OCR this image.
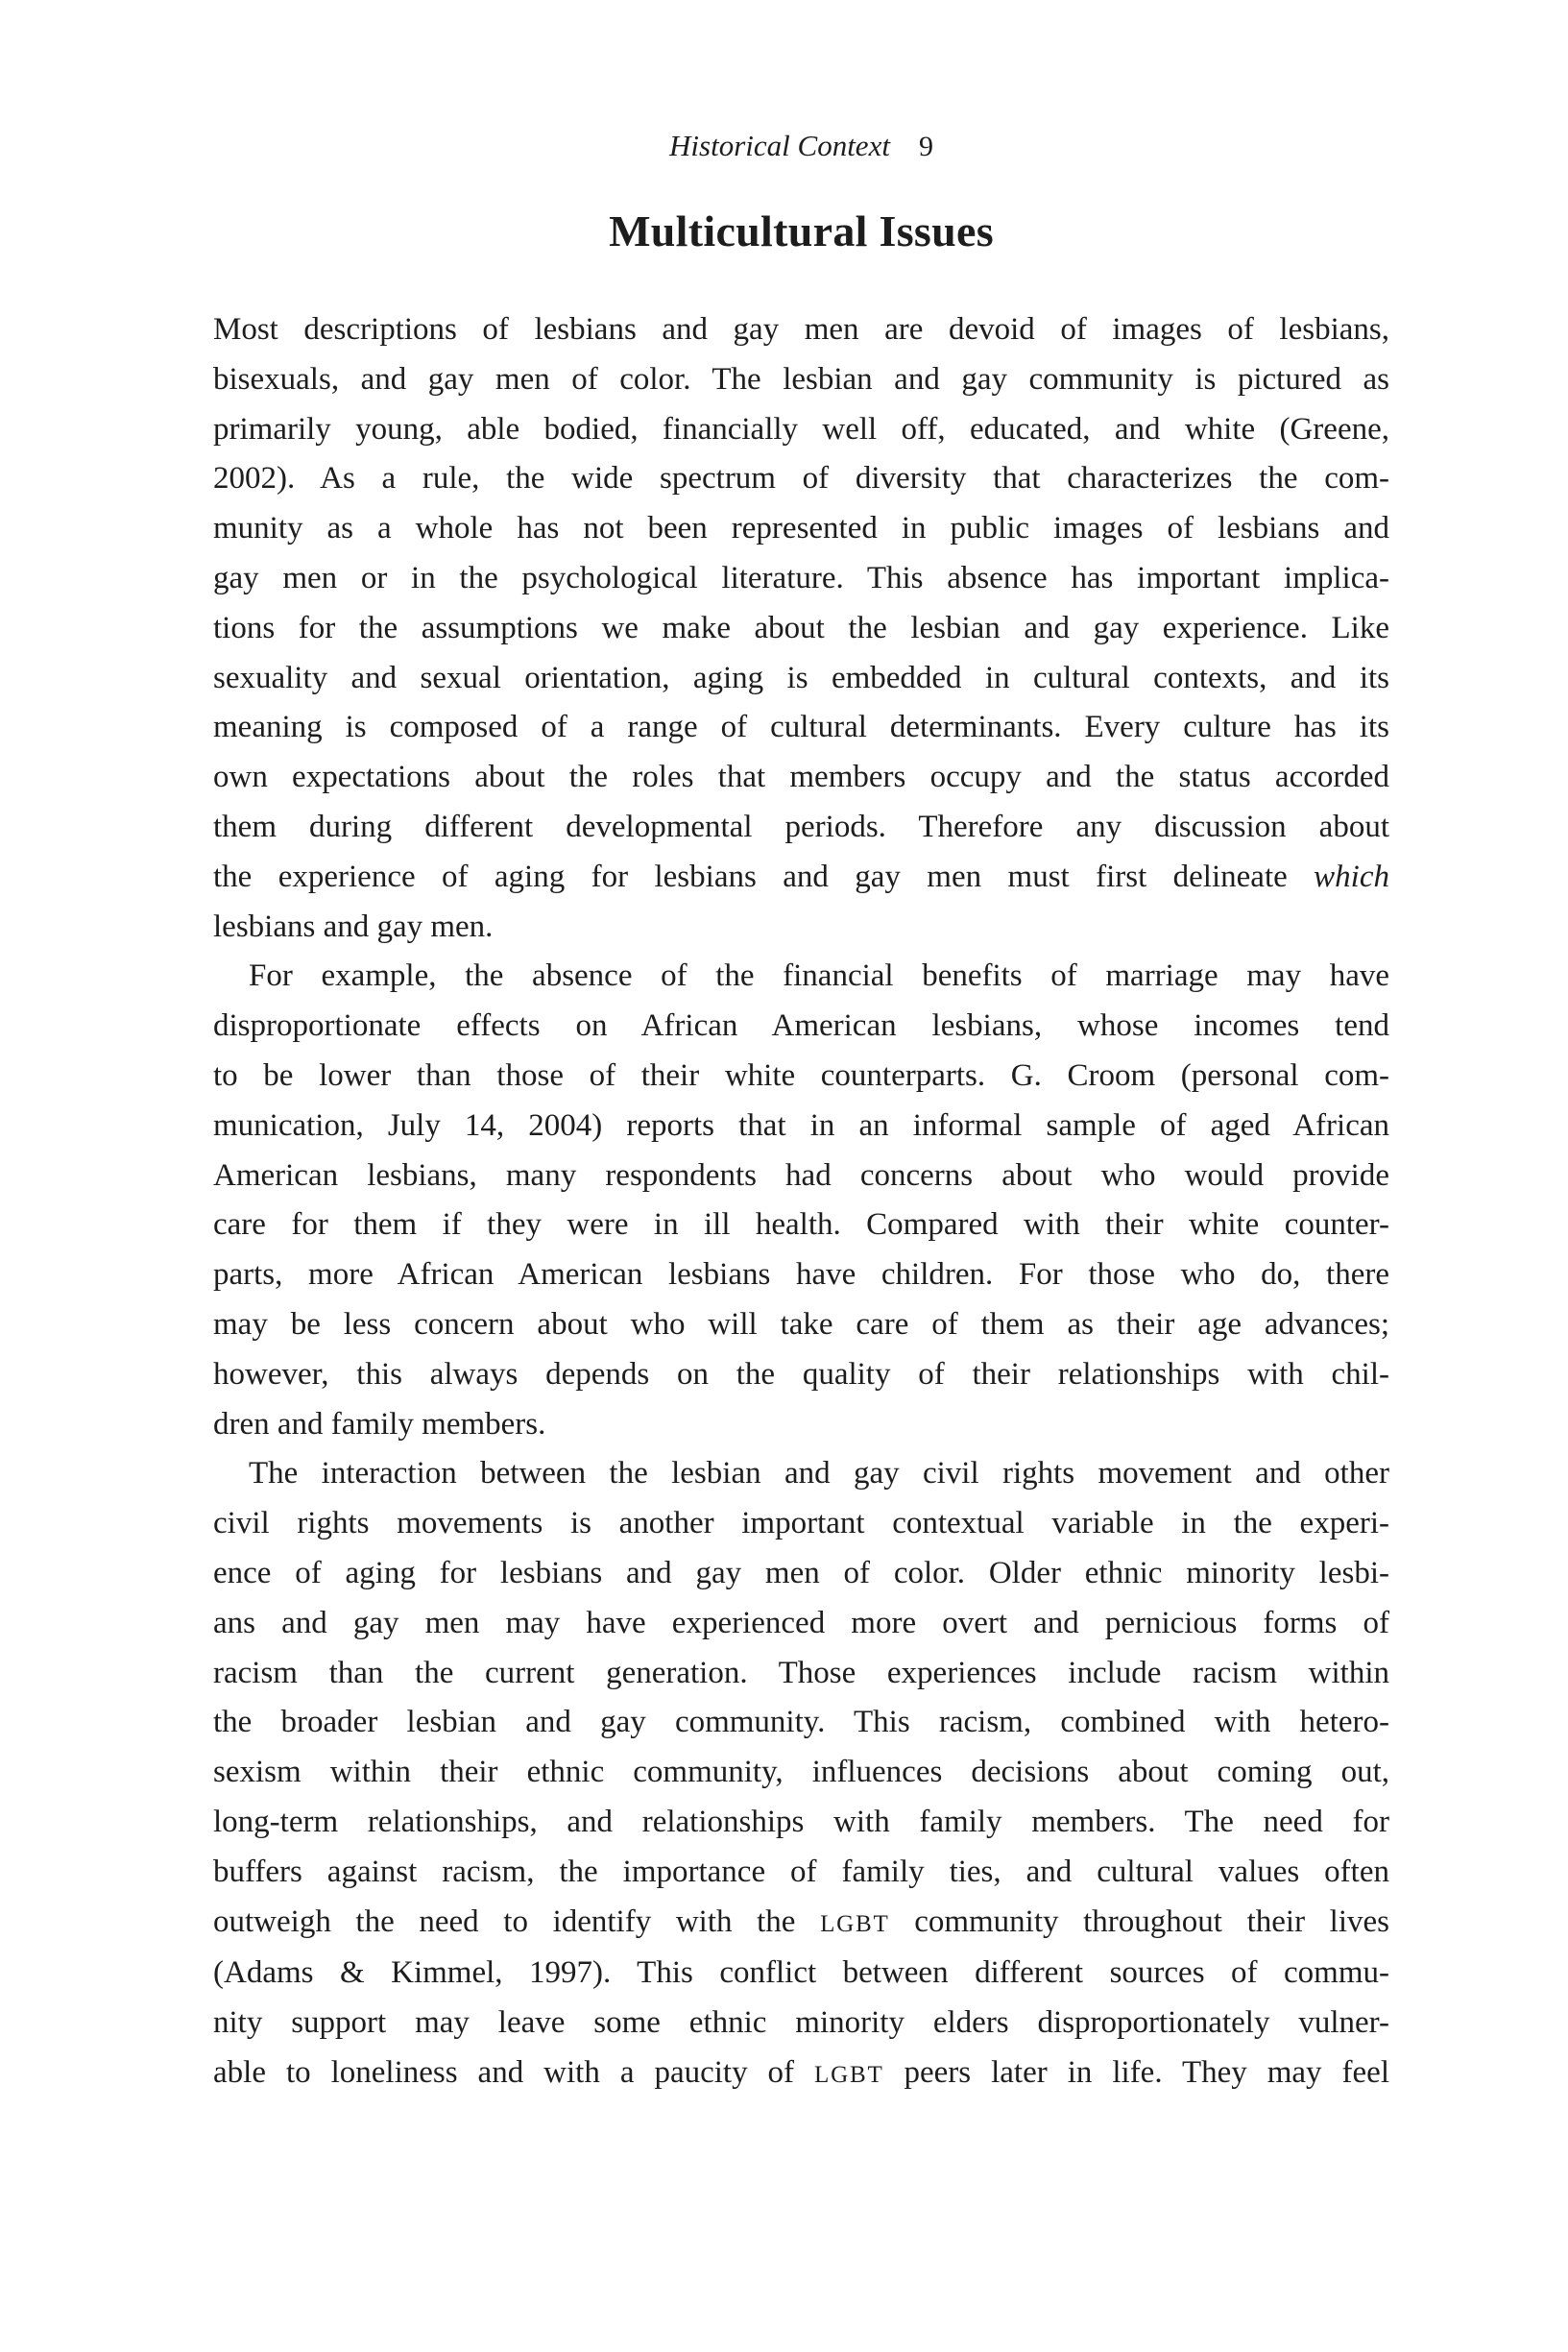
Historical Context 9
Multicultural Issues
Most descriptions of lesbians and gay men are devoid of images of lesbians,
bisexuals, and gay men of color. The lesbian and gay community is pictured as
primarily young, able bodied, financially well off, educated, and white (Greene,
2002). As a rule, the wide spectrum of diversity that characterizes the com-
munity as a whole has not been represented in public images of lesbians and
gay men or in the psychological literature. This absence has important implica-
tions for the assumptions we make about the lesbian and gay experience. Like
sexuality and sexual orientation, aging is embedded in cultural contexts, and its
meaning is composed of a range of cultural determinants. Every culture has its
own expectations about the roles that members occupy and the status accorded
them during different developmental periods. Therefore any discussion about
the experience of aging for lesbians and gay men must first delineate which
lesbians and gay men.
For example, the absence of the financial benefits of marriage may have
disproportionate effects on African American lesbians, whose incomes tend
to be lower than those of their white counterparts. G. Croom (personal com-
munication, July 14, 2004) reports that in an informal sample of aged African
American lesbians, many respondents had concerns about who would provide
care for them if they were in ill health. Compared with their white counter-
parts, more African American lesbians have children. For those who do, there
may be less concern about who will take care of them as their age advances;
however, this always depends on the quality of their relationships with chil-
dren and family members.
The interaction between the lesbian and gay civil rights movement and other
civil rights movements is another important contextual variable in the experi-
ence of aging for lesbians and gay men of color. Older ethnic minority lesbi-
ans and gay men may have experienced more overt and pernicious forms of
racism than the current generation. Those experiences include racism within
the broader lesbian and gay community. This racism, combined with hetero-
sexism within their ethnic community, influences decisions about coming out,
long-term relationships, and relationships with family members. The need for
buffers against racism, the importance of family ties, and cultural values often
outweigh the need to identify with the LGBT community throughout their lives
(Adams & Kimmel, 1997). This conflict between different sources of commu-
nity support may leave some ethnic minority elders disproportionately vulner-
able to loneliness and with a paucity of LGBT peers later in life. They may feel
